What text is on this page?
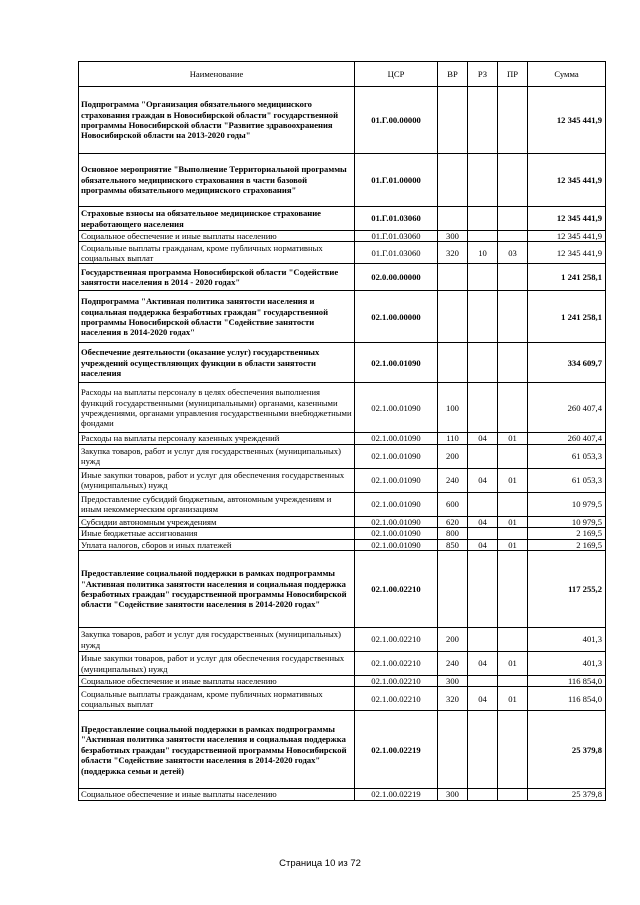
Наименование	ЦСР	ВР	РЗ	ПР	Сумма
Подпрограмма "Организация обязательного медицинского страхования граждан в Новосибирской области" государственной программы Новосибирской области "Развитие здравоохранения Новосибирской области на 2013-2020 годы"	01.Г.00.00000				12 345 441,9
Основное мероприятие "Выполнение Территориальной программы обязательного медицинского страхования в части базовой программы обязательного медицинского страхования"	01.Г.01.00000				12 345 441,9
Страховые взносы на обязательное медицинское страхование неработающего населения	01.Г.01.03060				12 345 441,9
Социальное обеспечение и иные выплаты населению	01.Г.01.03060	300			12 345 441,9
Социальные выплаты гражданам, кроме публичных нормативных социальных выплат	01.Г.01.03060	320	10	03	12 345 441,9
Государственная программа Новосибирской области "Содействие занятости населения в 2014 - 2020 годах"	02.0.00.00000				1 241 258,1
Подпрограмма "Активная политика занятости населения и социальная поддержка безработных граждан" государственной программы Новосибирской области "Содействие занятости населения в 2014-2020 годах"	02.1.00.00000				1 241 258,1
Обеспечение деятельности (оказание услуг) государственных учреждений осуществляющих функции в области занятости населения	02.1.00.01090				334 609,7
Расходы на выплаты персоналу в целях обеспечения выполнения функций государственными (муниципальными) органами, казенными учреждениями, органами управления государственными внебюджетными фондами	02.1.00.01090	100			260 407,4
Расходы на выплаты персоналу казенных учреждений	02.1.00.01090	110	04	01	260 407,4
Закупка товаров, работ и услуг для государственных (муниципальных) нужд	02.1.00.01090	200			61 053,3
Иные закупки товаров, работ и услуг для обеспечения государственных (муниципальных) нужд	02.1.00.01090	240	04	01	61 053,3
Предоставление субсидий бюджетным, автономным учреждениям и иным некоммерческим организациям	02.1.00.01090	600			10 979,5
Субсидии автономным учреждениям	02.1.00.01090	620	04	01	10 979,5
Иные бюджетные ассигнования	02.1.00.01090	800			2 169,5
Уплата налогов, сборов и иных платежей	02.1.00.01090	850	04	01	2 169,5
Предоставление социальной поддержки в рамках подпрограммы "Активная политика занятости населения и социальная поддержка безработных граждан" государственной программы Новосибирской области "Содействие занятости населения в 2014-2020 годах"	02.1.00.02210				117 255,2
Закупка товаров, работ и услуг для государственных (муниципальных) нужд	02.1.00.02210	200			401,3
Иные закупки товаров, работ и услуг для обеспечения государственных (муниципальных) нужд	02.1.00.02210	240	04	01	401,3
Социальное обеспечение и иные выплаты населению	02.1.00.02210	300			116 854,0
Социальные выплаты гражданам, кроме публичных нормативных социальных выплат	02.1.00.02210	320	04	01	116 854,0
Предоставление социальной поддержки в рамках подпрограммы "Активная политика занятости населения и социальная поддержка безработных граждан" государственной программы Новосибирской области "Содействие занятости населения в 2014-2020 годах" (поддержка семьи и детей)	02.1.00.02219				25 379,8
Социальное обеспечение и иные выплаты населению	02.1.00.02219	300			25 379,8
Страница 10 из 72
